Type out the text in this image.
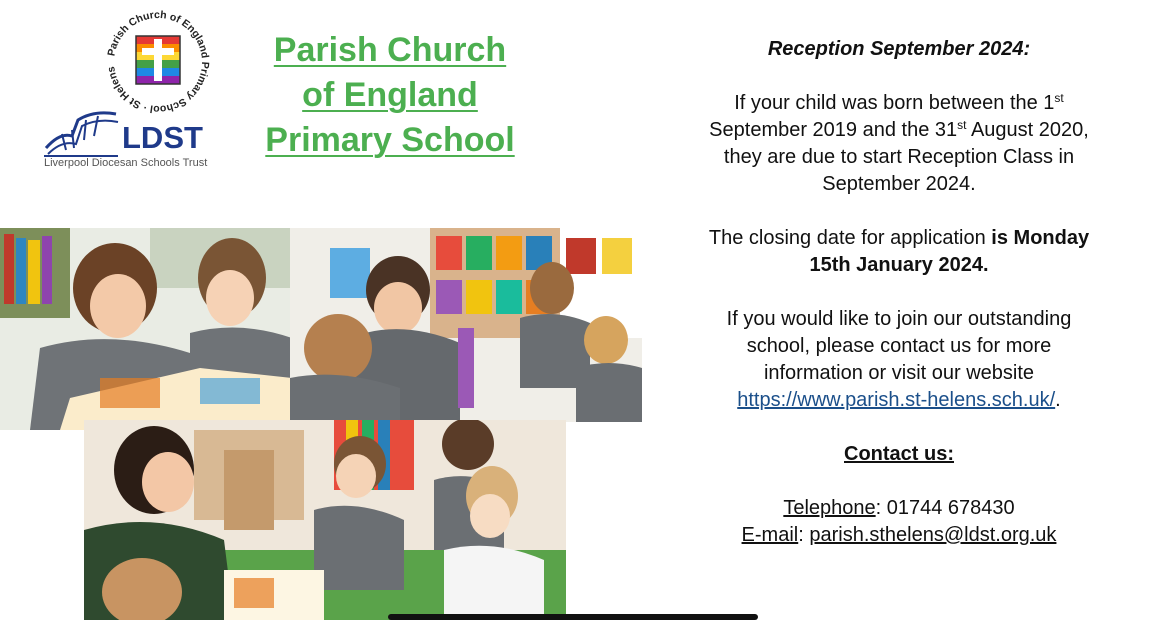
Parish Church of England Primary School · St Helens
LDST
Liverpool Diocesan Schools Trust
Parish Church
of England
Primary School

Reception September 2024:

If your child was born between the 1st
September 2019 and the 31st August 2020,
they are due to start Reception Class in
September 2024.

The closing date for application is Monday
15th January 2024.

If you would like to join our outstanding
school, please contact us for more
information or visit our website
https://www.parish.st-helens.sch.uk/.

Contact us:

Telephone: 01744 678430
E-mail: parish.sthelens@ldst.org.uk
